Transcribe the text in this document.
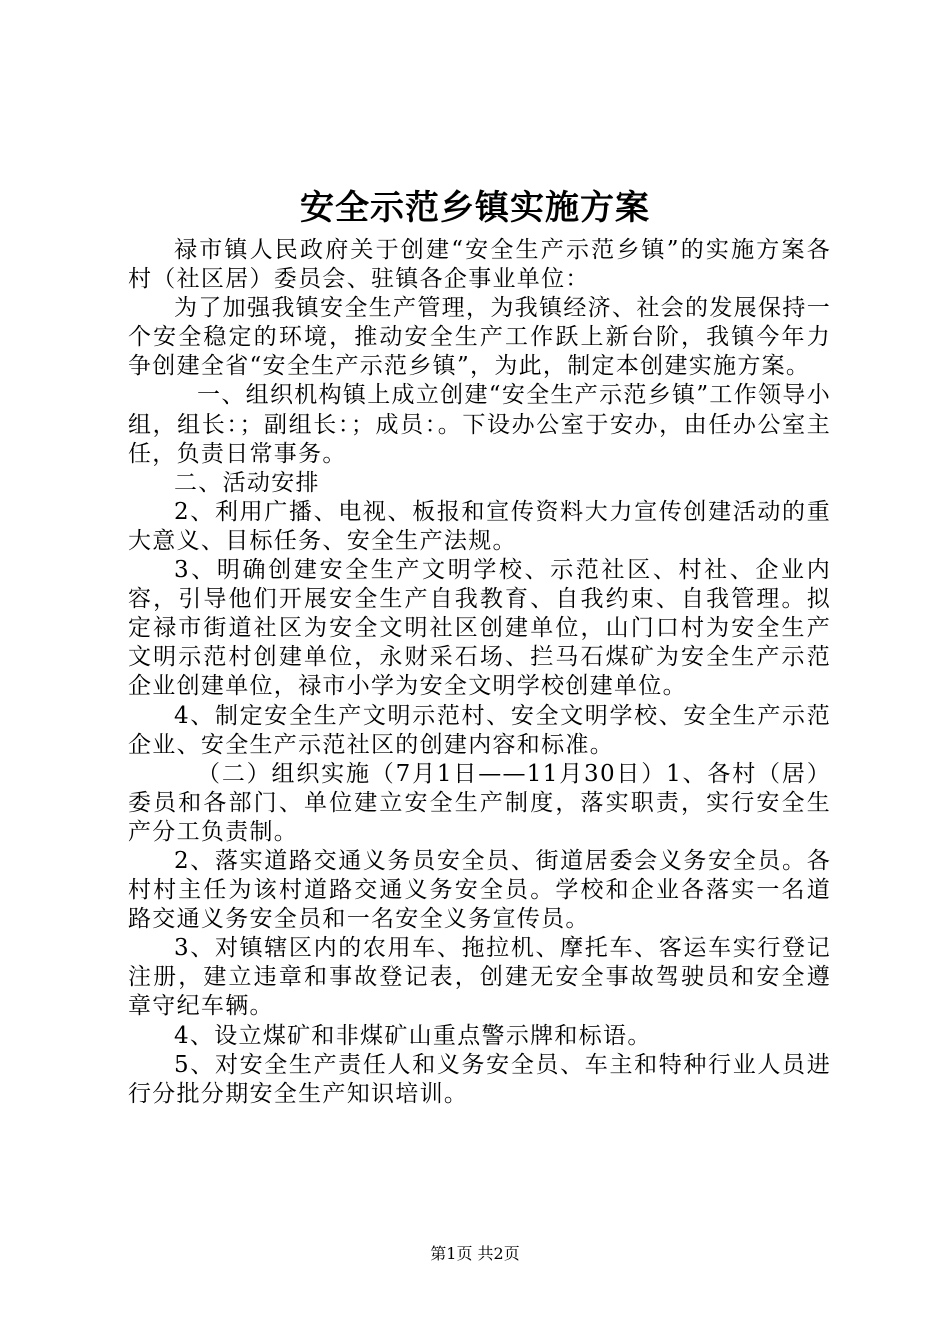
安全示范乡镇实施方案

禄市镇人民政府关于创建“安全生产示范乡镇”的实施方案各村（社区居）委员会、驻镇各企事业单位：

为了加强我镇安全生产管理，为我镇经济、社会的发展保持一个安全稳定的环境，推动安全生产工作跃上新台阶，我镇今年力争创建全省“安全生产示范乡镇”，为此，制定本创建实施方案。

一、组织机构镇上成立创建“安全生产示范乡镇”工作领导小组，组长：；副组长：；成员：。下设办公室于安办，由任办公室主任，负责日常事务。

二、活动安排

2、利用广播、电视、板报和宣传资料大力宣传创建活动的重大意义、目标任务、安全生产法规。

3、明确创建安全生产文明学校、示范社区、村社、企业内容，引导他们开展安全生产自我教育、自我约束、自我管理。拟定禄市街道社区为安全文明社区创建单位，山门口村为安全生产文明示范村创建单位，永财采石场、拦马石煤矿为安全生产示范企业创建单位，禄市小学为安全文明学校创建单位。

4、制定安全生产文明示范村、安全文明学校、安全生产示范企业、安全生产示范社区的创建内容和标准。

（二）组织实施（7月1日——11月30日）1、各村（居）委员和各部门、单位建立安全生产制度，落实职责，实行安全生产分工负责制。

2、落实道路交通义务员安全员、街道居委会义务安全员。各村村主任为该村道路交通义务安全员。学校和企业各落实一名道路交通义务安全员和一名安全义务宣传员。

3、对镇辖区内的农用车、拖拉机、摩托车、客运车实行登记注册，建立违章和事故登记表，创建无安全事故驾驶员和安全遵章守纪车辆。

4、设立煤矿和非煤矿山重点警示牌和标语。

5、对安全生产责任人和义务安全员、车主和特种行业人员进行分批分期安全生产知识培训。

第1页 共2页
